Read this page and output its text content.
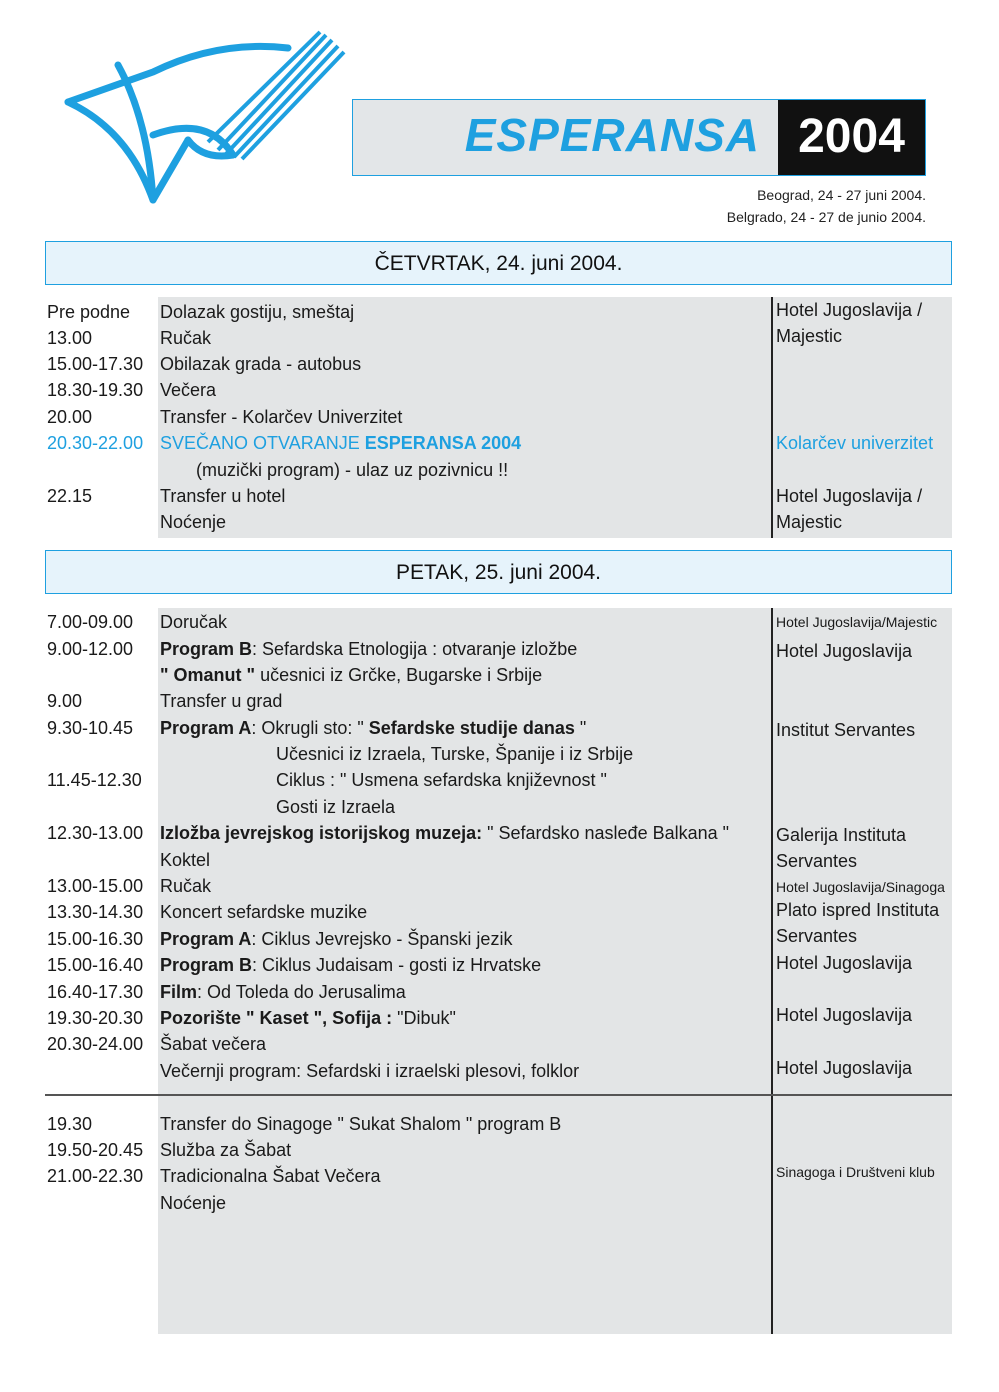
ESPERANSA 2004
Beograd, 24 - 27 juni 2004.
Belgrado, 24 - 27 de junio 2004.
ČETVRTAK, 24. juni 2004.
Pre podne Dolazak gostiju, smeštaj	Hotel Jugoslavija /
Majestic
13.00	Ručak
15.00-17.30 Obilazak grada - autobus
18.30-19.30 Večera
20.00	Transfer - Kolarčev Univerzitet
20.30-22.00 SVEČANO OTVARANJE ESPERANSA 2004	Kolarčev univerzitet
(muzički program) - ulaz uz pozivnicu !!
22.15	Transfer u hotel	Hotel Jugoslavija /
Majestic
Noćenje
PETAK, 25. juni 2004.
7.00-09.00 Doručak	Hotel Jugoslavija/Majestic
9.00-12.00 Program B: Sefardska Etnologija : otvaranje izložbe	Hotel Jugoslavija
" Omanut " učesnici iz Grčke, Bugarske i Srbije
9.00	Transfer u grad
9.30-10.45 Program A: Okrugli sto: " Sefardske studije danas "	Institut Servantes
Učesnici iz Izraela, Turske, Španije i iz Srbije
11.45-12.30	Ciklus : " Usmena sefardska književnost "
Gosti iz Izraela
12.30-13.00 Izložba jevrejskog istorijskog muzeja: " Sefardsko nasleđe Balkana "	Galerija Instituta
Koktel	Servantes
13.00-15.00 Ručak	Hotel Jugoslavija/Sinagoga
13.30-14.30 Koncert sefardske muzike	Plato ispred Instituta
15.00-16.30 Program A: Ciklus Jevrejsko - Španski jezik	Servantes
15.00-16.40 Program B: Ciklus Judaisam - gosti iz Hrvatske	Hotel Jugoslavija
16.40-17.30 Film: Od Toleda do Jerusalima
19.30-20.30 Pozorište " Kaset ", Sofija : "Dibuk"	Hotel Jugoslavija
20.30-24.00 Šabat večera
Večernji program: Sefardski i izraelski plesovi, folklor	Hotel Jugoslavija
19.30	Transfer do Sinagoge " Sukat Shalom " program B
19.50-20.45 Služba za Šabat
21.00-22.30 Tradicionalna Šabat Večera	Sinagoga i Društveni klub
Noćenje
